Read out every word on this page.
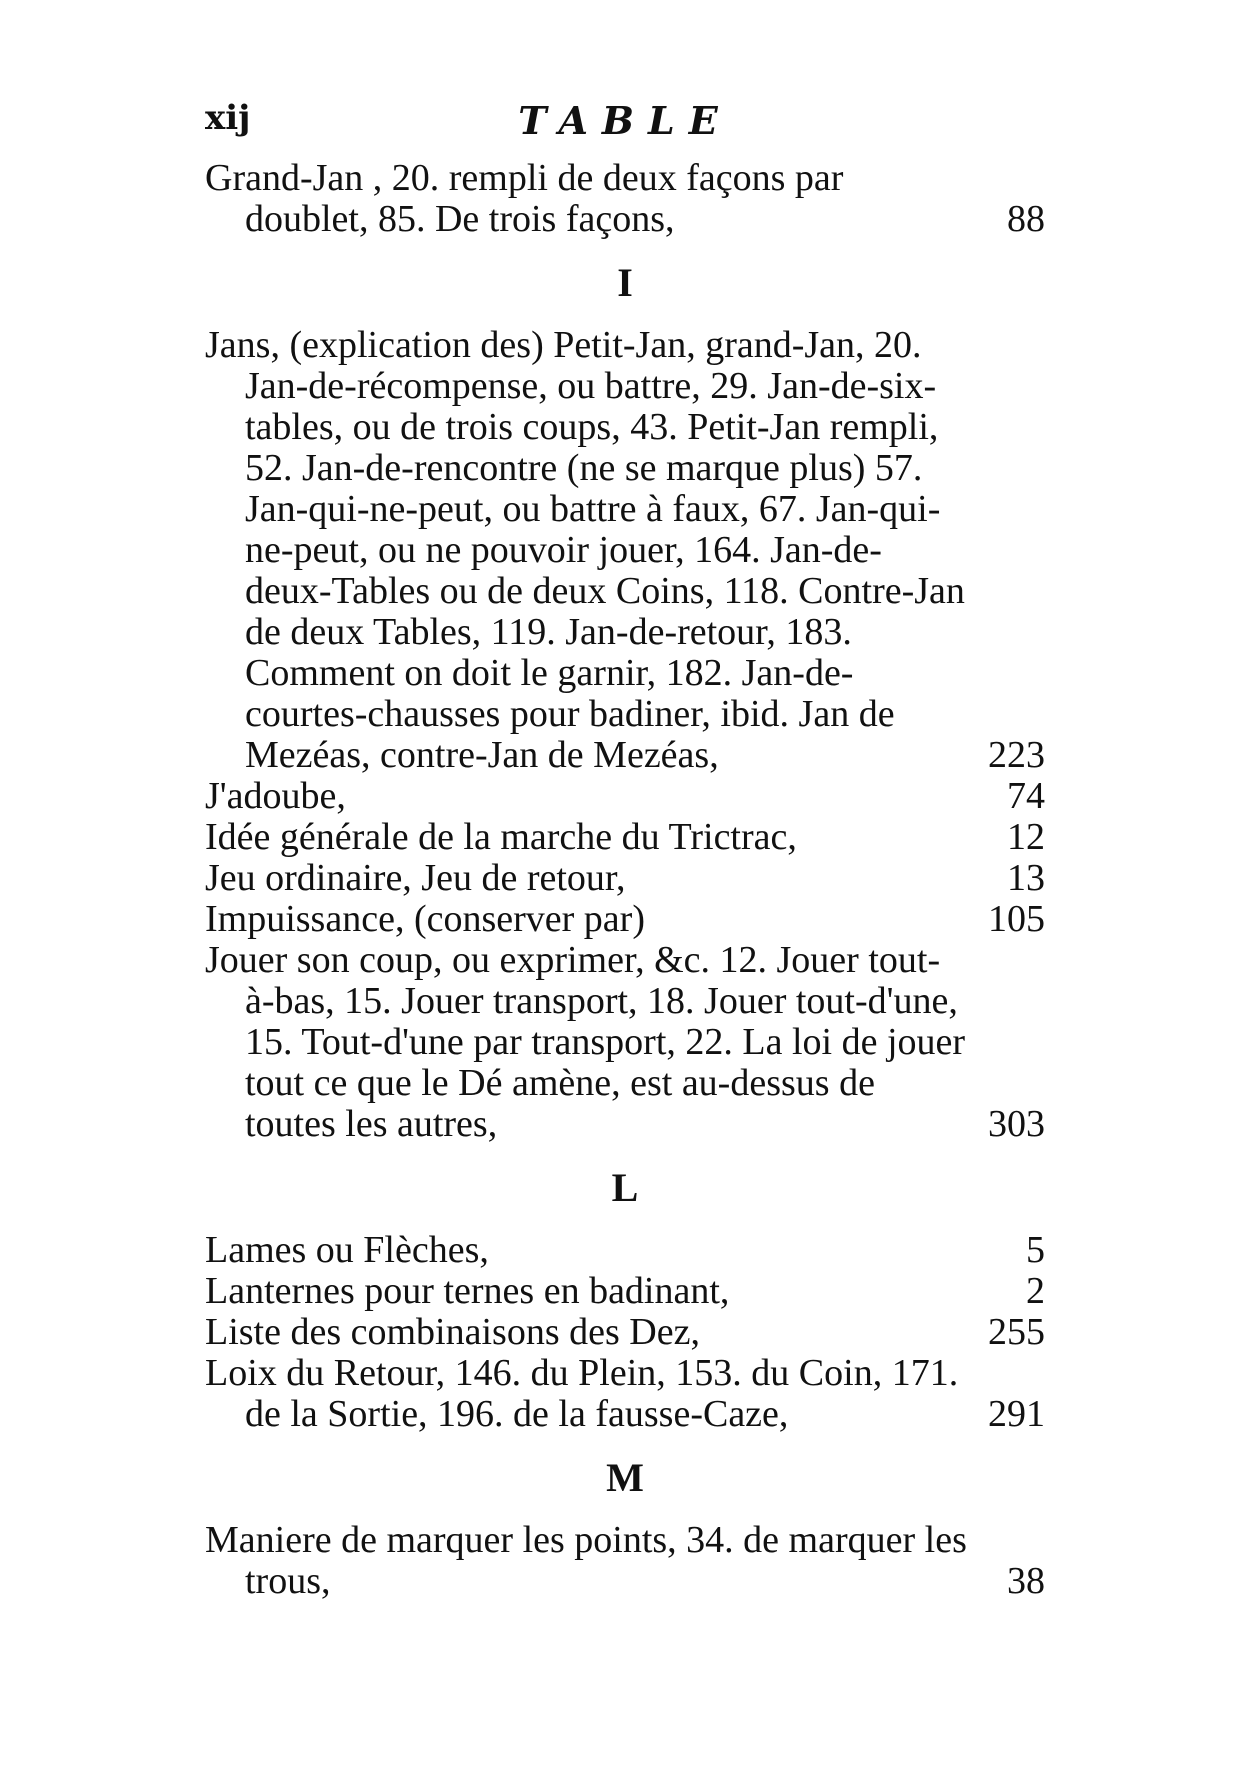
xij	TABLE

Grand-Jan , 20. rempli de deux façons par doublet, 85. De trois façons,	88

I

Jans, (explication des) Petit-Jan, grand-Jan, 20. Jan-de-récompense, ou battre, 29. Jan-de-six-tables, ou de trois coups, 43. Petit-Jan rempli, 52. Jan-de-rencontre (ne se marque plus) 57. Jan-qui-ne-peut, ou battre à faux, 67. Jan-qui-ne-peut, ou ne pouvoir jouer, 164. Jan-de-deux-Tables ou de deux Coins, 118. Contre-Jan de deux Tables, 119. Jan-de-retour, 183. Comment on doit le garnir, 182. Jan-de-courtes-chausses pour badiner, ibid. Jan de Mezéas, contre-Jan de Mezéas,	223

J'adoube,	74

Idée générale de la marche du Trictrac,	12

Jeu ordinaire, Jeu de retour,	13

Impuissance, (conserver par)	105

Jouer son coup, ou exprimer, &c. 12. Jouer tout-à-bas, 15. Jouer transport, 18. Jouer tout-d'une, 15. Tout-d'une par transport, 22. La loi de jouer tout ce que le Dé amène, est au-dessus de toutes les autres,	303

L

Lames ou Flèches,	5

Lanternes pour ternes en badinant,	2

Liste des combinaisons des Dez,	255

Loix du Retour, 146. du Plein, 153. du Coin, 171. de la Sortie, 196. de la fausse-Caze,	291

M

Maniere de marquer les points, 34. de marquer les trous,	38
